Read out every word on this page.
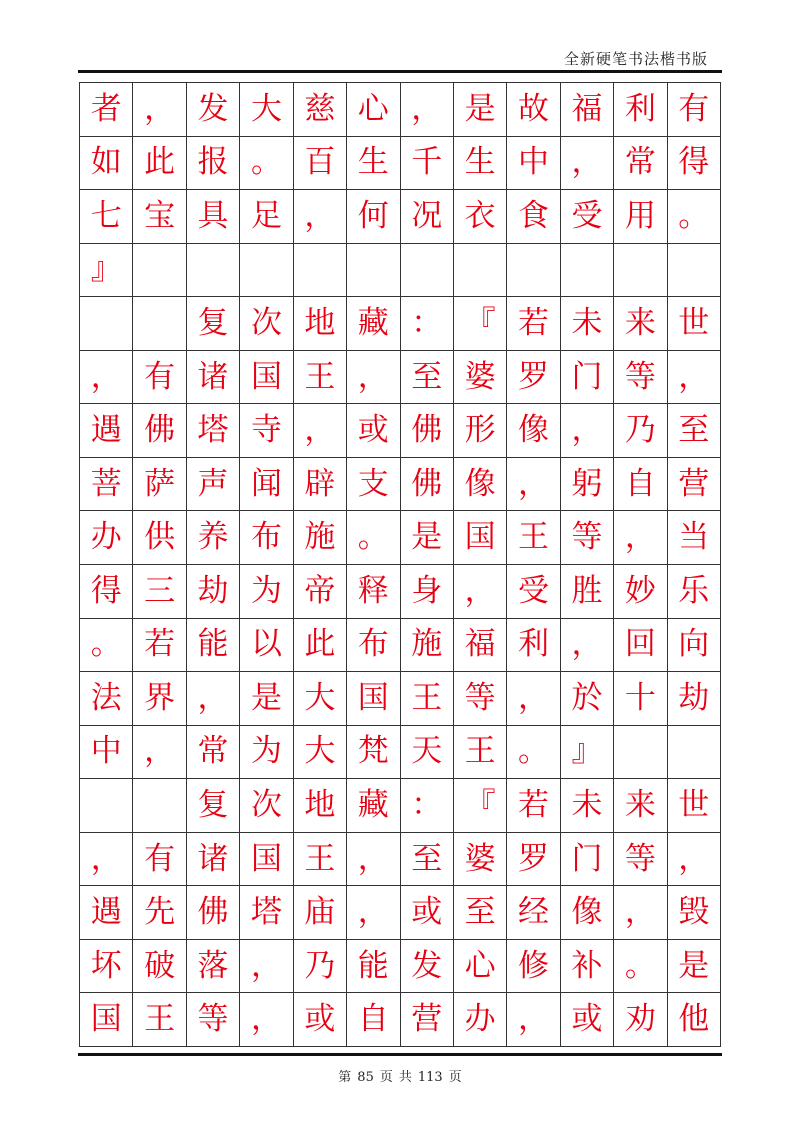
全新硬笔书法楷书版
者 ， 发 大 慈 心 ， 是 故 福 利 有
如 此 报 。 百 生 千 生 中 ， 常 得
七 宝 具 足 ， 何 况 衣 食 受 用 。
』
复 次 地 藏 ： 『 若 未 来 世
， 有 诸 国 王 ， 至 婆 罗 门 等 ，
遇 佛 塔 寺 ， 或 佛 形 像 ， 乃 至
菩 萨 声 闻 辟 支 佛 像 ， 躬 自 营
办 供 养 布 施 。 是 国 王 等 ， 当
得 三 劫 为 帝 释 身 ， 受 胜 妙 乐
。 若 能 以 此 布 施 福 利 ， 回 向
法 界 ， 是 大 国 王 等 ， 於 十 劫
中 ， 常 为 大 梵 天 王 。 』
复 次 地 藏 ： 『 若 未 来 世
， 有 诸 国 王 ， 至 婆 罗 门 等 ，
遇 先 佛 塔 庙 ， 或 至 经 像 ， 毁
坏 破 落 ， 乃 能 发 心 修 补 。 是
国 王 等 ， 或 自 营 办 ， 或 劝 他
第 85 页 共 113 页
